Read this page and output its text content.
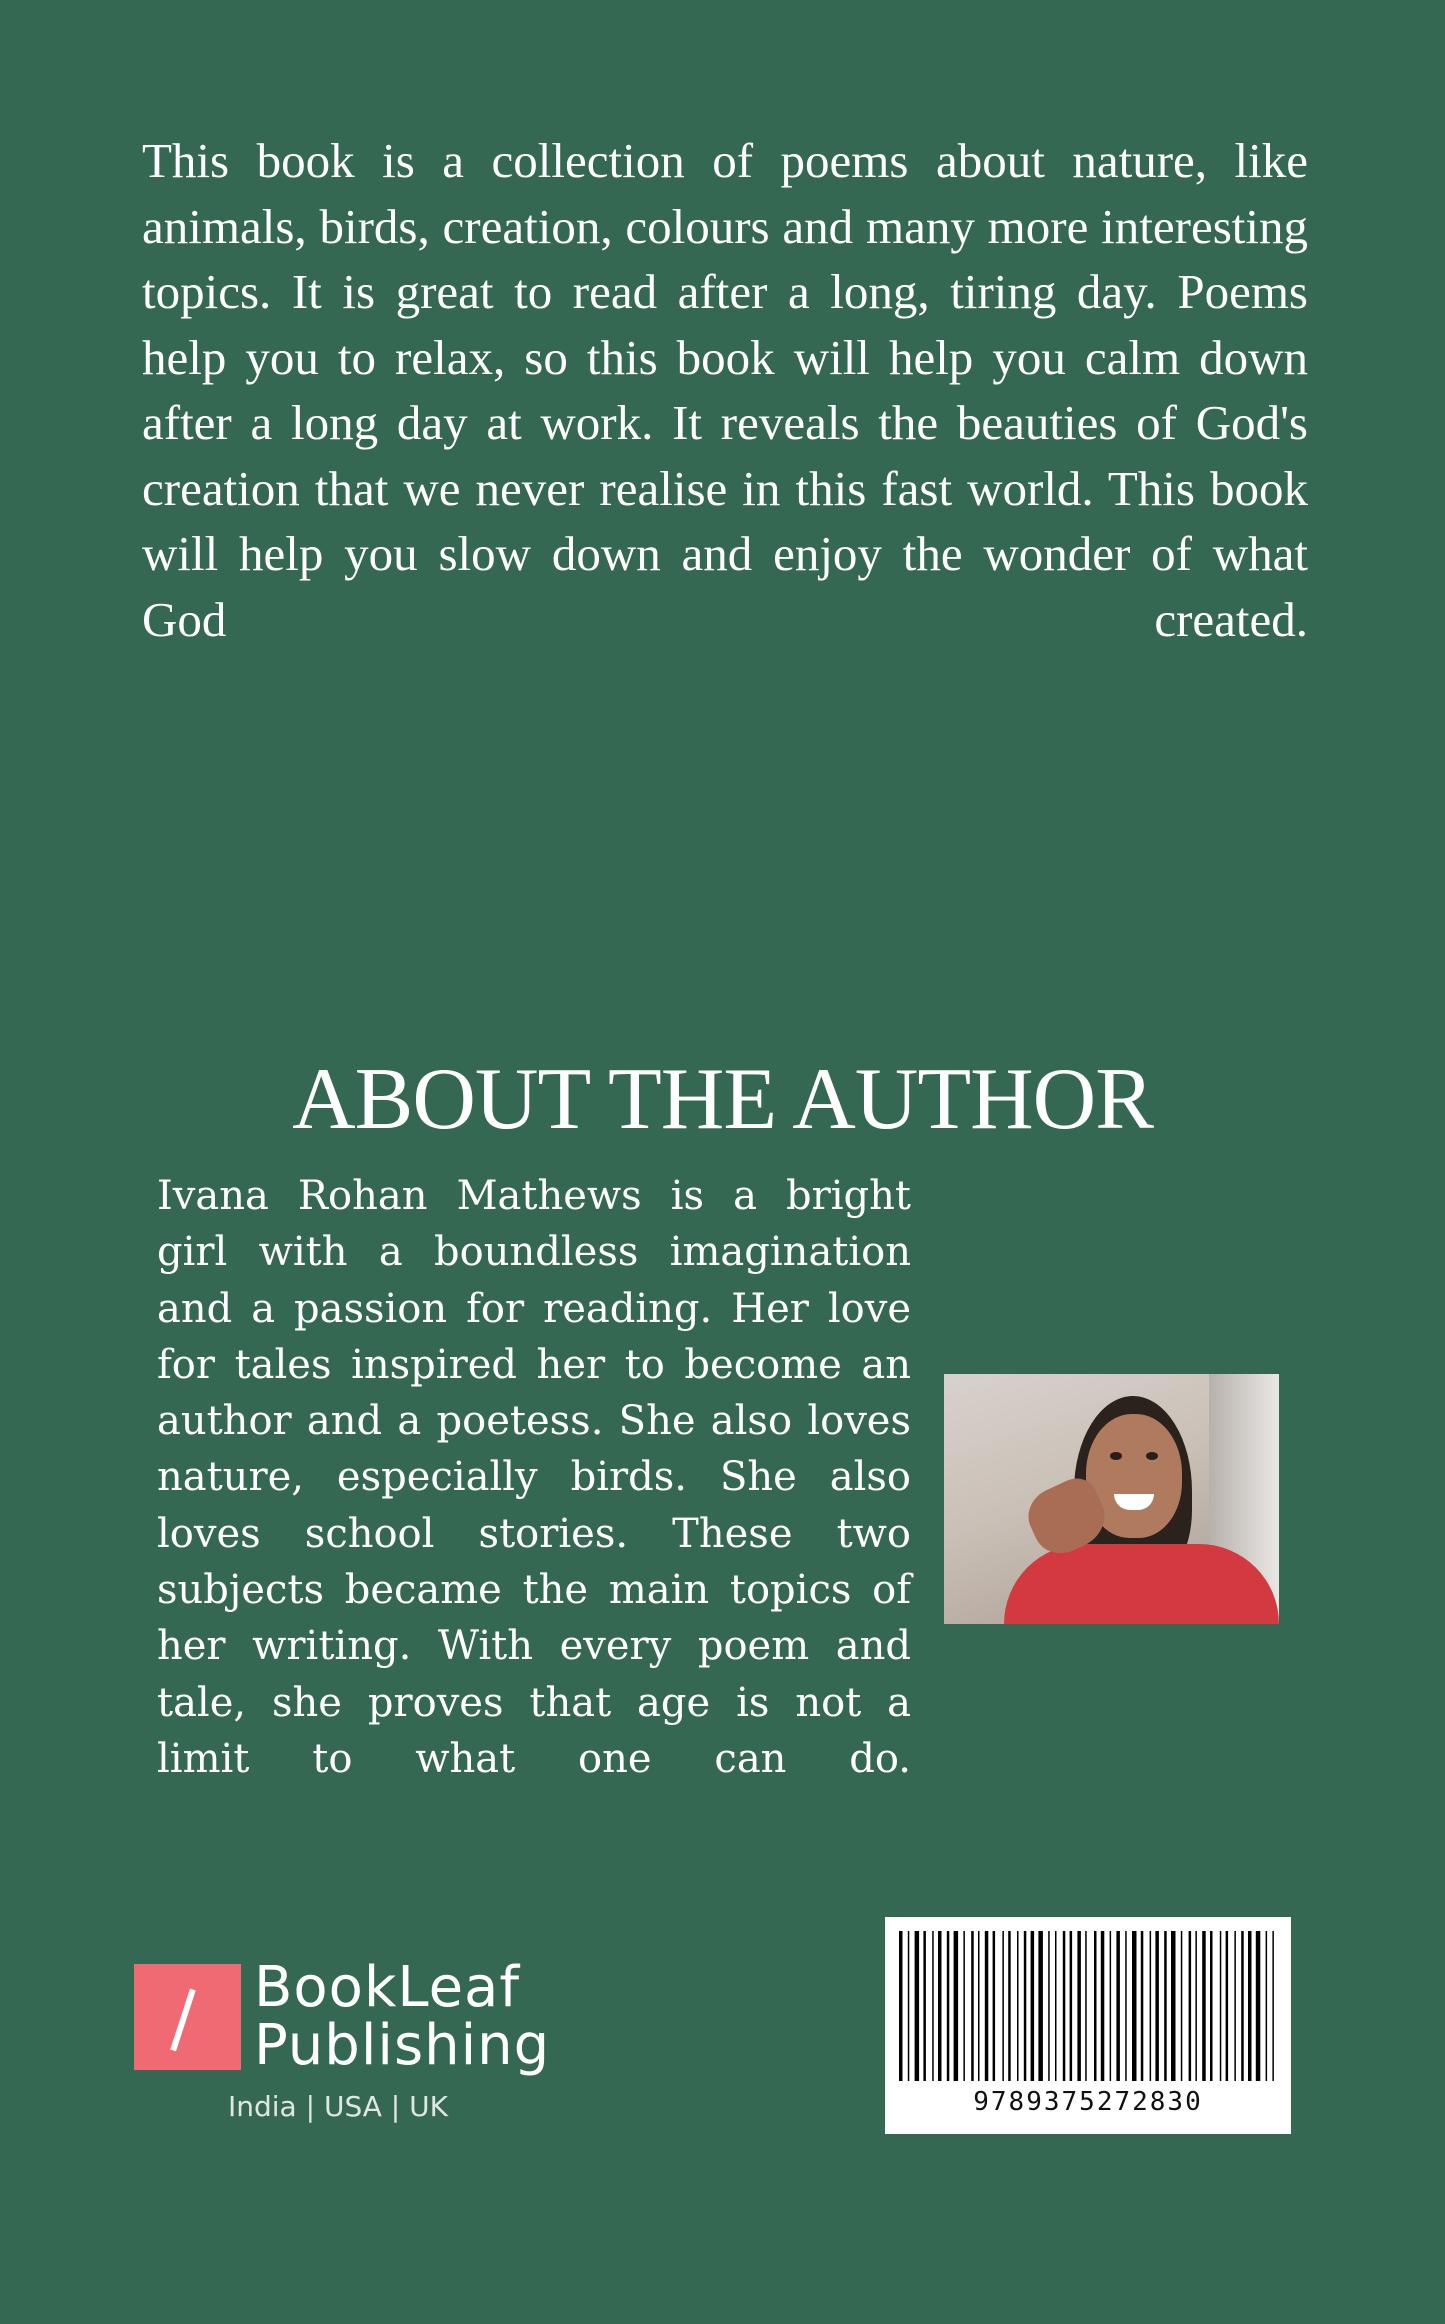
This book is a collection of poems about nature, like animals, birds, creation, colours and many more interesting topics. It is great to read after a long, tiring day. Poems help you to relax, so this book will help you calm down after a long day at work. It reveals the beauties of God's creation that we never realise in this fast world. This book will help you slow down and enjoy the wonder of what God created.

ABOUT THE AUTHOR

Ivana Rohan Mathews is a bright girl with a boundless imagination and a passion for reading. Her love for tales inspired her to become an author and a poetess. She also loves nature, especially birds. She also loves school stories. These two subjects became the main topics of her writing. With every poem and tale, she proves that age is not a limit to what one can do.

BookLeaf
Publishing
India | USA | UK	9789375272830
